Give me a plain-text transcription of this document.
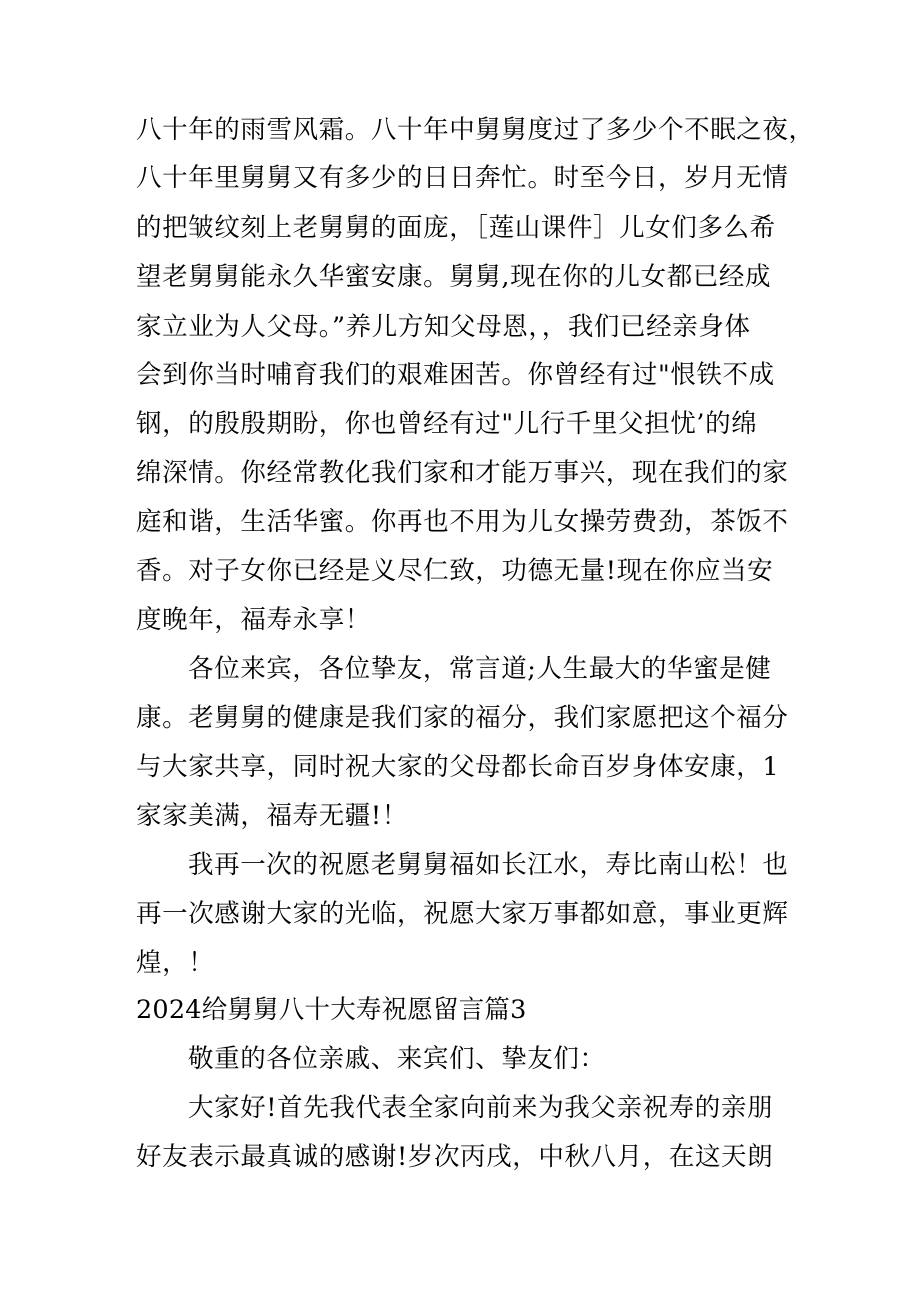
八十年的雨雪风霜。八十年中舅舅度过了多少个不眠之夜，
八十年里舅舅又有多少的日日奔忙。时至今日，岁月无情
的把皱纹刻上老舅舅的面庞，［莲山课件］儿女们多么希
望老舅舅能永久华蜜安康。舅舅,现在你的儿女都已经成
家立业为人父母。”养儿方知父母恩，，我们已经亲身体
会到你当时哺育我们的艰难困苦。你曾经有过"恨铁不成
钢，的殷殷期盼，你也曾经有过"儿行千里父担忧’的绵
绵深情。你经常教化我们家和才能万事兴，现在我们的家
庭和谐，生活华蜜。你再也不用为儿女操劳费劲，茶饭不
香。对子女你已经是义尽仁致，功德无量!现在你应当安
度晚年，福寿永享！
各位来宾，各位挚友，常言道;人生最大的华蜜是健
康。老舅舅的健康是我们家的福分，我们家愿把这个福分
与大家共享，同时祝大家的父母都长命百岁身体安康，1
家家美满，福寿无疆!！
我再一次的祝愿老舅舅福如长江水，寿比南山松！也
再一次感谢大家的光临，祝愿大家万事都如意，事业更辉
煌，！
2024给舅舅八十大寿祝愿留言篇3
敬重的各位亲戚、来宾们、挚友们：
大家好!首先我代表全家向前来为我父亲祝寿的亲朋
好友表示最真诚的感谢!岁次丙戌，中秋八月，在这天朗
